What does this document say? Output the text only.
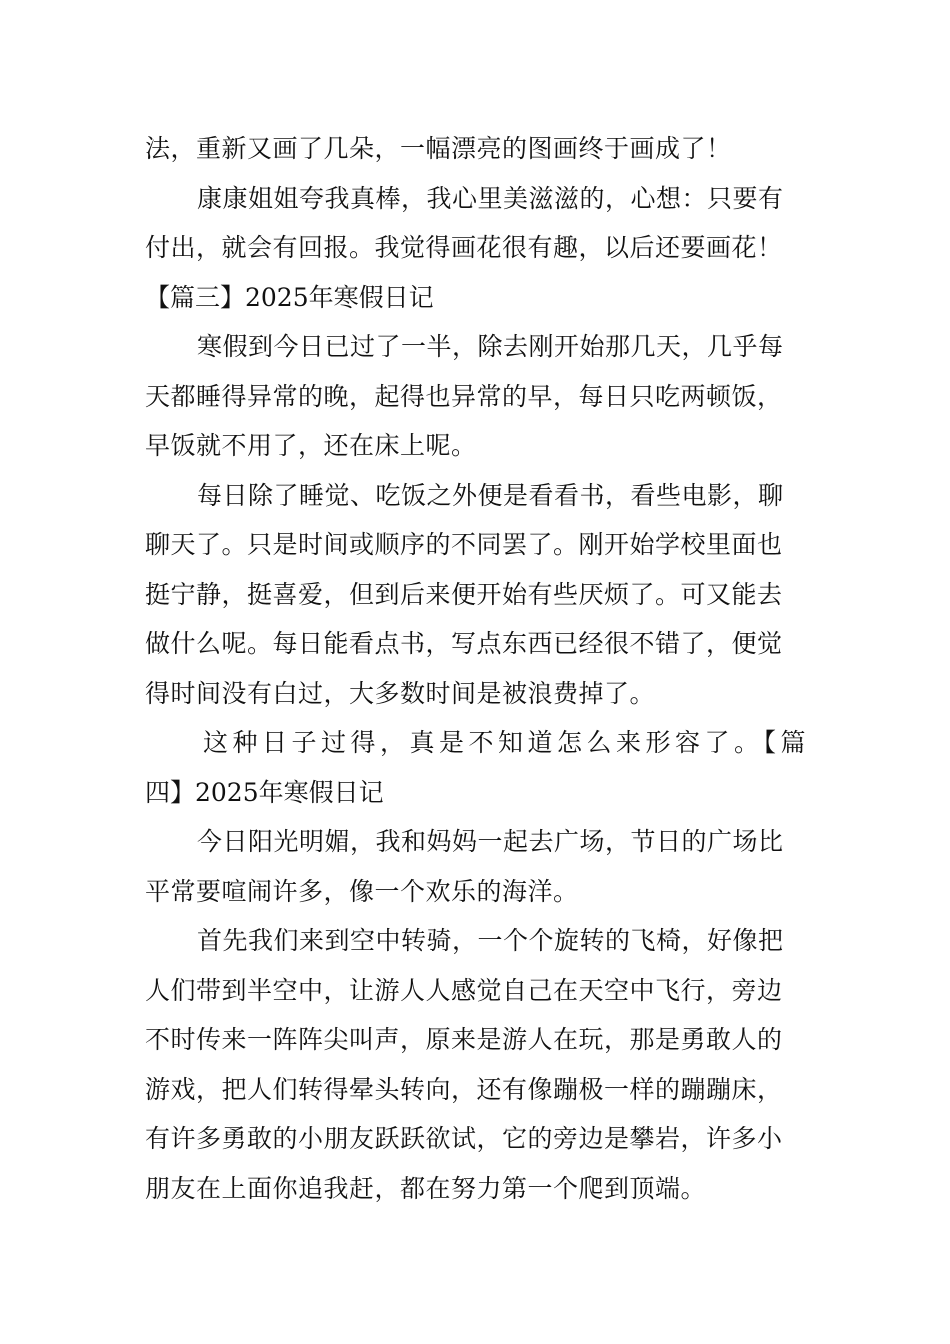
法，重新又画了几朵，一幅漂亮的图画终于画成了！
康康姐姐夸我真棒，我心里美滋滋的，心想：只要有
付出，就会有回报。我觉得画花很有趣，以后还要画花！
【篇三】2025年寒假日记
寒假到今日已过了一半，除去刚开始那几天，几乎每
天都睡得异常的晚，起得也异常的早，每日只吃两顿饭，
早饭就不用了，还在床上呢。
每日除了睡觉、吃饭之外便是看看书，看些电影，聊
聊天了。只是时间或顺序的不同罢了。刚开始学校里面也
挺宁静，挺喜爱，但到后来便开始有些厌烦了。可又能去
做什么呢。每日能看点书，写点东西已经很不错了，便觉
得时间没有白过，大多数时间是被浪费掉了。
这种日子过得，真是不知道怎么来形容了。【篇
四】2025年寒假日记
今日阳光明媚，我和妈妈一起去广场，节日的广场比
平常要喧闹许多，像一个欢乐的海洋。
首先我们来到空中转骑，一个个旋转的飞椅，好像把
人们带到半空中，让游人人感觉自己在天空中飞行，旁边
不时传来一阵阵尖叫声，原来是游人在玩，那是勇敢人的
游戏，把人们转得晕头转向，还有像蹦极一样的蹦蹦床，
有许多勇敢的小朋友跃跃欲试，它的旁边是攀岩，许多小
朋友在上面你追我赶，都在努力第一个爬到顶端。
